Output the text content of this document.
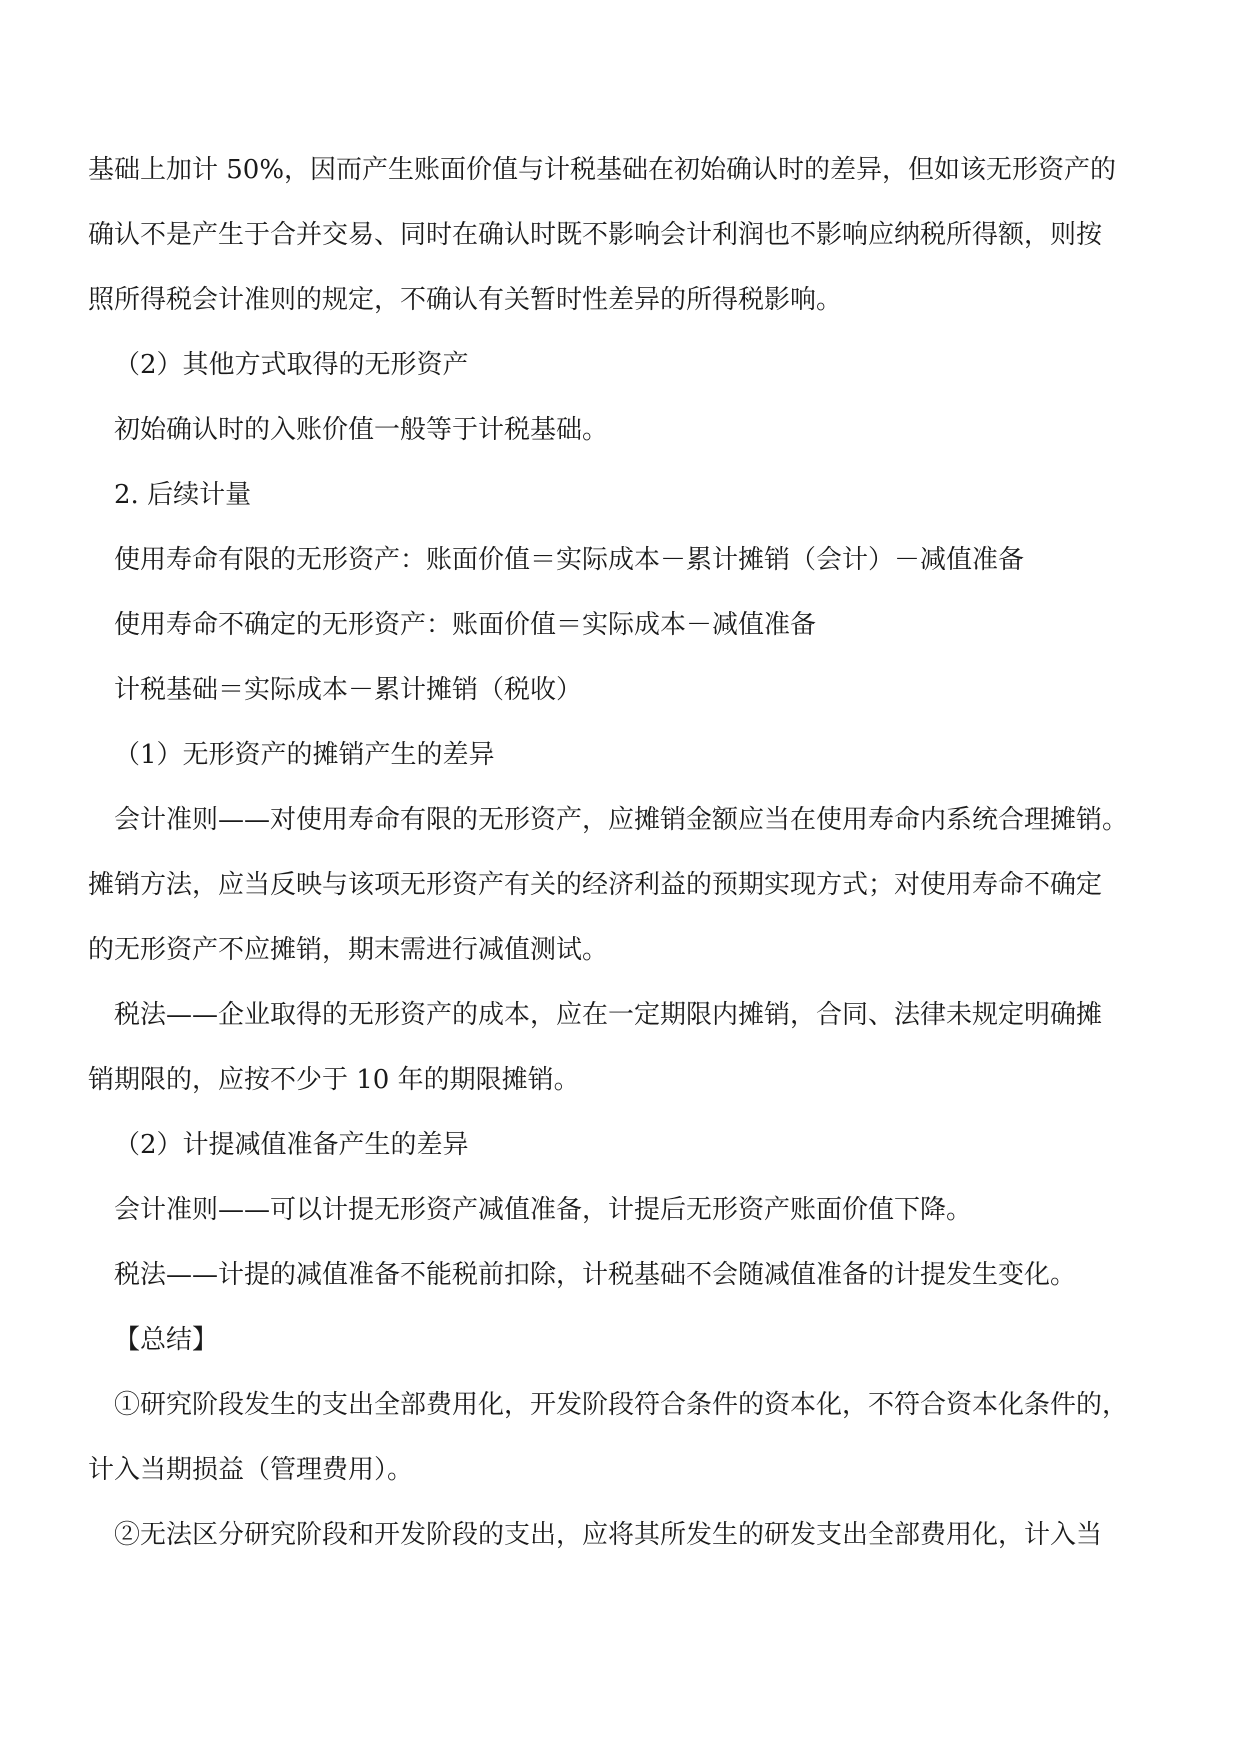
基础上加计 50%，因而产生账面价值与计税基础在初始确认时的差异，但如该无形资产的

确认不是产生于合并交易、同时在确认时既不影响会计利润也不影响应纳税所得额，则按

照所得税会计准则的规定，不确认有关暂时性差异的所得税影响。

（2）其他方式取得的无形资产

初始确认时的入账价值一般等于计税基础。

2. 后续计量

使用寿命有限的无形资产：账面价值＝实际成本－累计摊销（会计）－减值准备

使用寿命不确定的无形资产：账面价值＝实际成本－减值准备

计税基础＝实际成本－累计摊销（税收）

（1）无形资产的摊销产生的差异

会计准则——对使用寿命有限的无形资产，应摊销金额应当在使用寿命内系统合理摊销。

摊销方法，应当反映与该项无形资产有关的经济利益的预期实现方式；对使用寿命不确定

的无形资产不应摊销，期末需进行减值测试。

税法——企业取得的无形资产的成本，应在一定期限内摊销，合同、法律未规定明确摊

销期限的，应按不少于 10 年的期限摊销。

（2）计提减值准备产生的差异

会计准则——可以计提无形资产减值准备，计提后无形资产账面价值下降。

税法——计提的减值准备不能税前扣除，计税基础不会随减值准备的计提发生变化。

【总结】

①研究阶段发生的支出全部费用化，开发阶段符合条件的资本化，不符合资本化条件的，

计入当期损益（管理费用）。

②无法区分研究阶段和开发阶段的支出，应将其所发生的研发支出全部费用化，计入当
